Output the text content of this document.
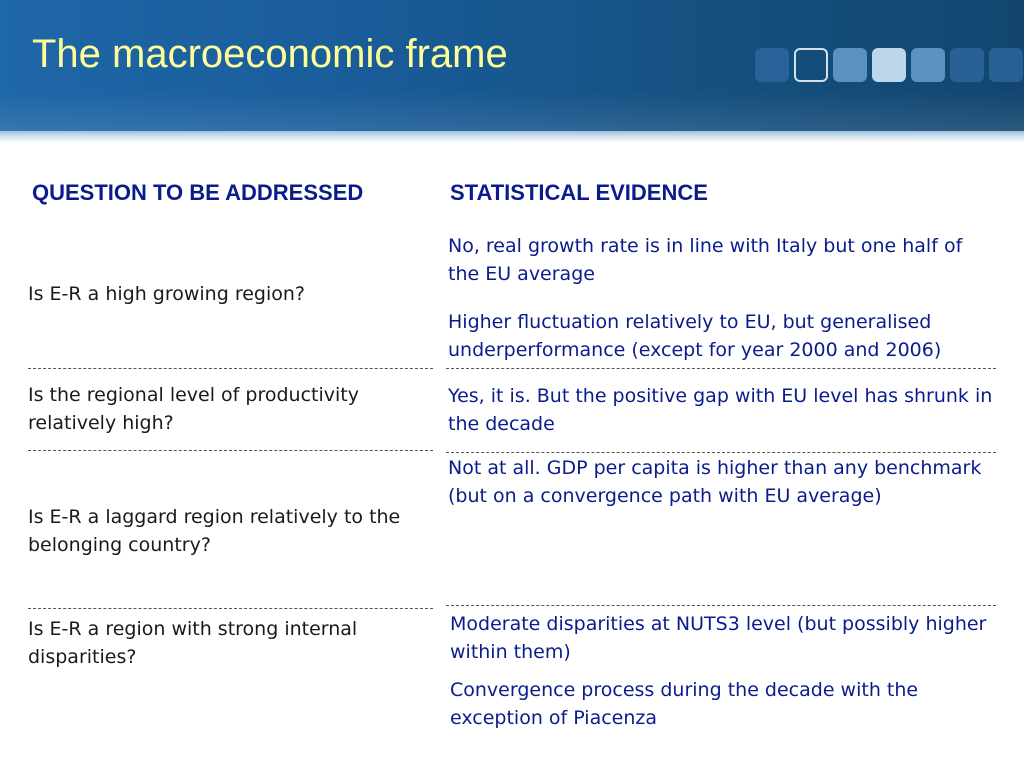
The macroeconomic frame
QUESTION TO BE ADDRESSED	STATISTICAL EVIDENCE

Is E-R a high growing region?

No, real growth rate is in line with Italy but one half of the EU average

Higher fluctuation relatively to EU, but generalised underperformance (except for year 2000 and 2006)

Is the regional level of productivity relatively high?

Yes, it is. But the positive gap with EU level has shrunk in the decade

Is E-R a laggard region relatively to the belonging country?

Not at all. GDP per capita is higher than any benchmark (but on a convergence path with EU average)

Is E-R a region with strong internal disparities?

Moderate disparities at NUTS3 level (but possibly higher within them)

Convergence process during the decade with the exception of Piacenza
